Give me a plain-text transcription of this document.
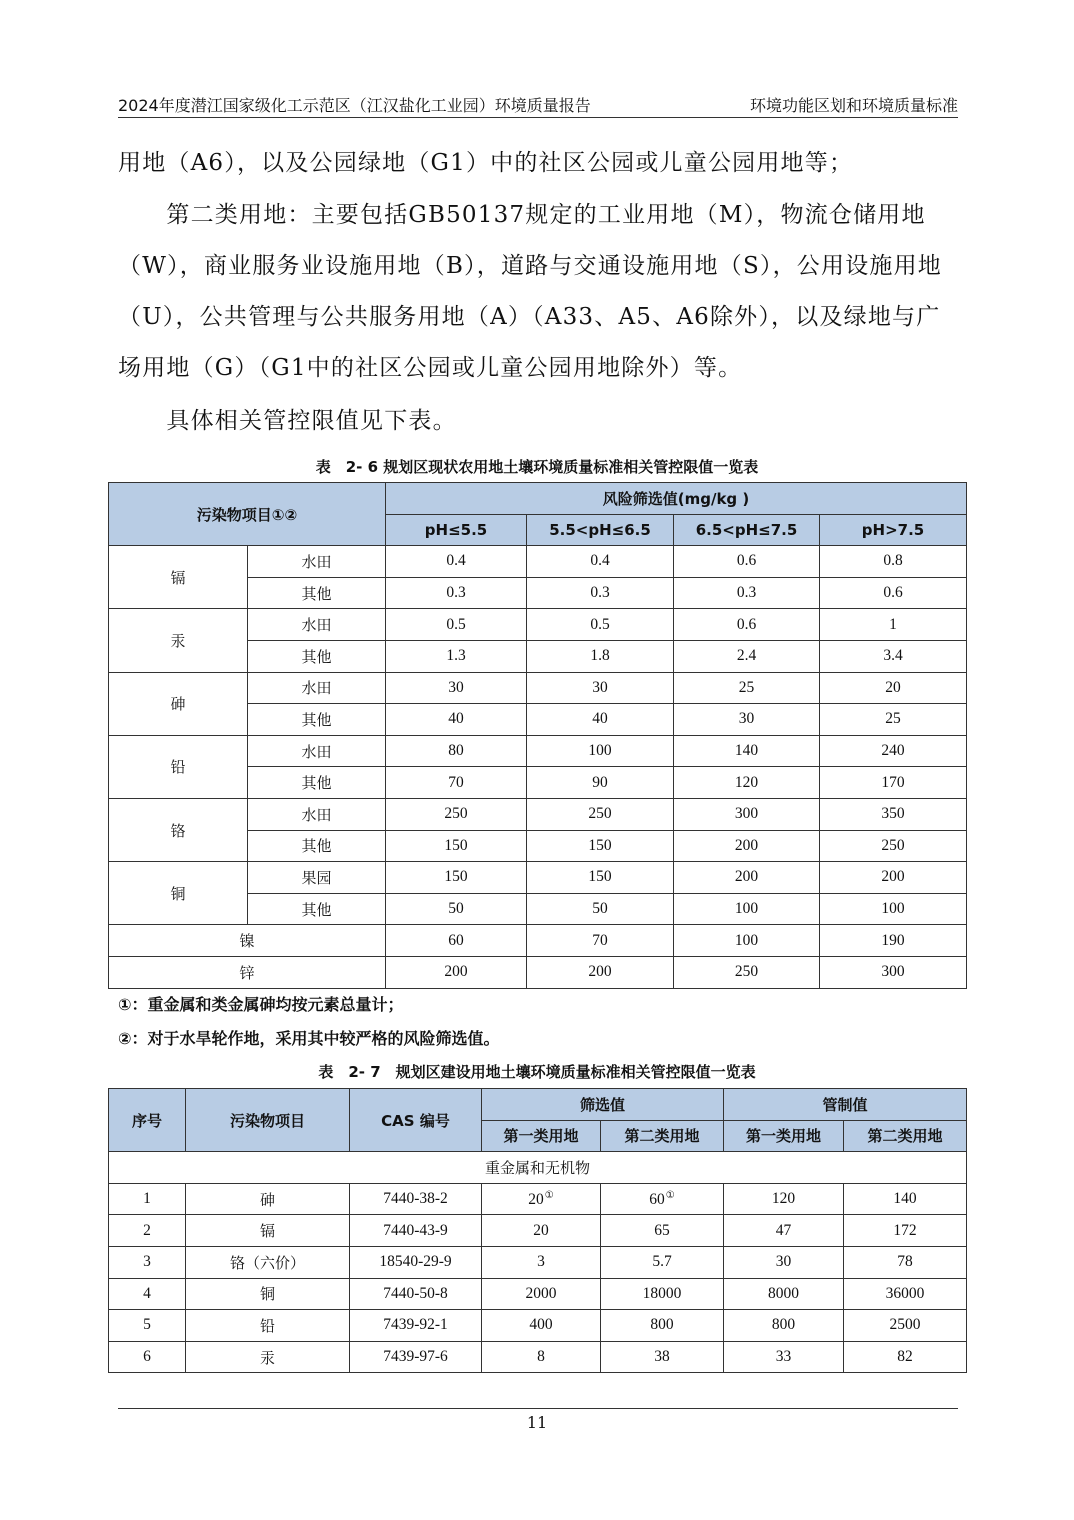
2024年度潜江国家级化工示范区（江汉盐化工业园）环境质量报告	环境功能区划和环境质量标准
用地（A6），以及公园绿地（G1）中的社区公园或儿童公园用地等；
　　第二类用地：主要包括GB50137规定的工业用地（M），物流仓储用地（W），商业服务业设施用地（B），道路与交通设施用地（S），公用设施用地（U），公共管理与公共服务用地（A）（A33、A5、A6除外），以及绿地与广场用地（G）（G1中的社区公园或儿童公园用地除外）等。
　　具体相关管控限值见下表。
表　2- 6 规划区现状农用地土壤环境质量标准相关管控限值一览表
污染物项目①②		风险筛选值(mg/kg )			
		pH≤5.5	5.5<pH≤6.5	6.5<pH≤7.5	pH>7.5
镉	水田	0.4	0.4	0.6	0.8
	其他	0.3	0.3	0.3	0.6
汞	水田	0.5	0.5	0.6	1
	其他	1.3	1.8	2.4	3.4
砷	水田	30	30	25	20
	其他	40	40	30	25
铅	水田	80	100	140	240
	其他	70	90	120	170
铬	水田	250	250	300	350
	其他	150	150	200	250
铜	果园	150	150	200	200
	其他	50	50	100	100
镍		60	70	100	190
锌		200	200	250	300
①：重金属和类金属砷均按元素总量计；
②：对于水旱轮作地，采用其中较严格的风险筛选值。
表　2- 7　规划区建设用地土壤环境质量标准相关管控限值一览表
序号	污染物项目	CAS 编号	筛选值		管制值	
			第一类用地	第二类用地	第一类用地	第二类用地
重金属和无机物						
1	砷	7440-38-2	20①	60①	120	140
2	镉	7440-43-9	20	65	47	172
3	铬（六价）	18540-29-9	3	5.7	30	78
4	铜	7440-50-8	2000	18000	8000	36000
5	铅	7439-92-1	400	800	800	2500
6	汞	7439-97-6	8	38	33	82
11
